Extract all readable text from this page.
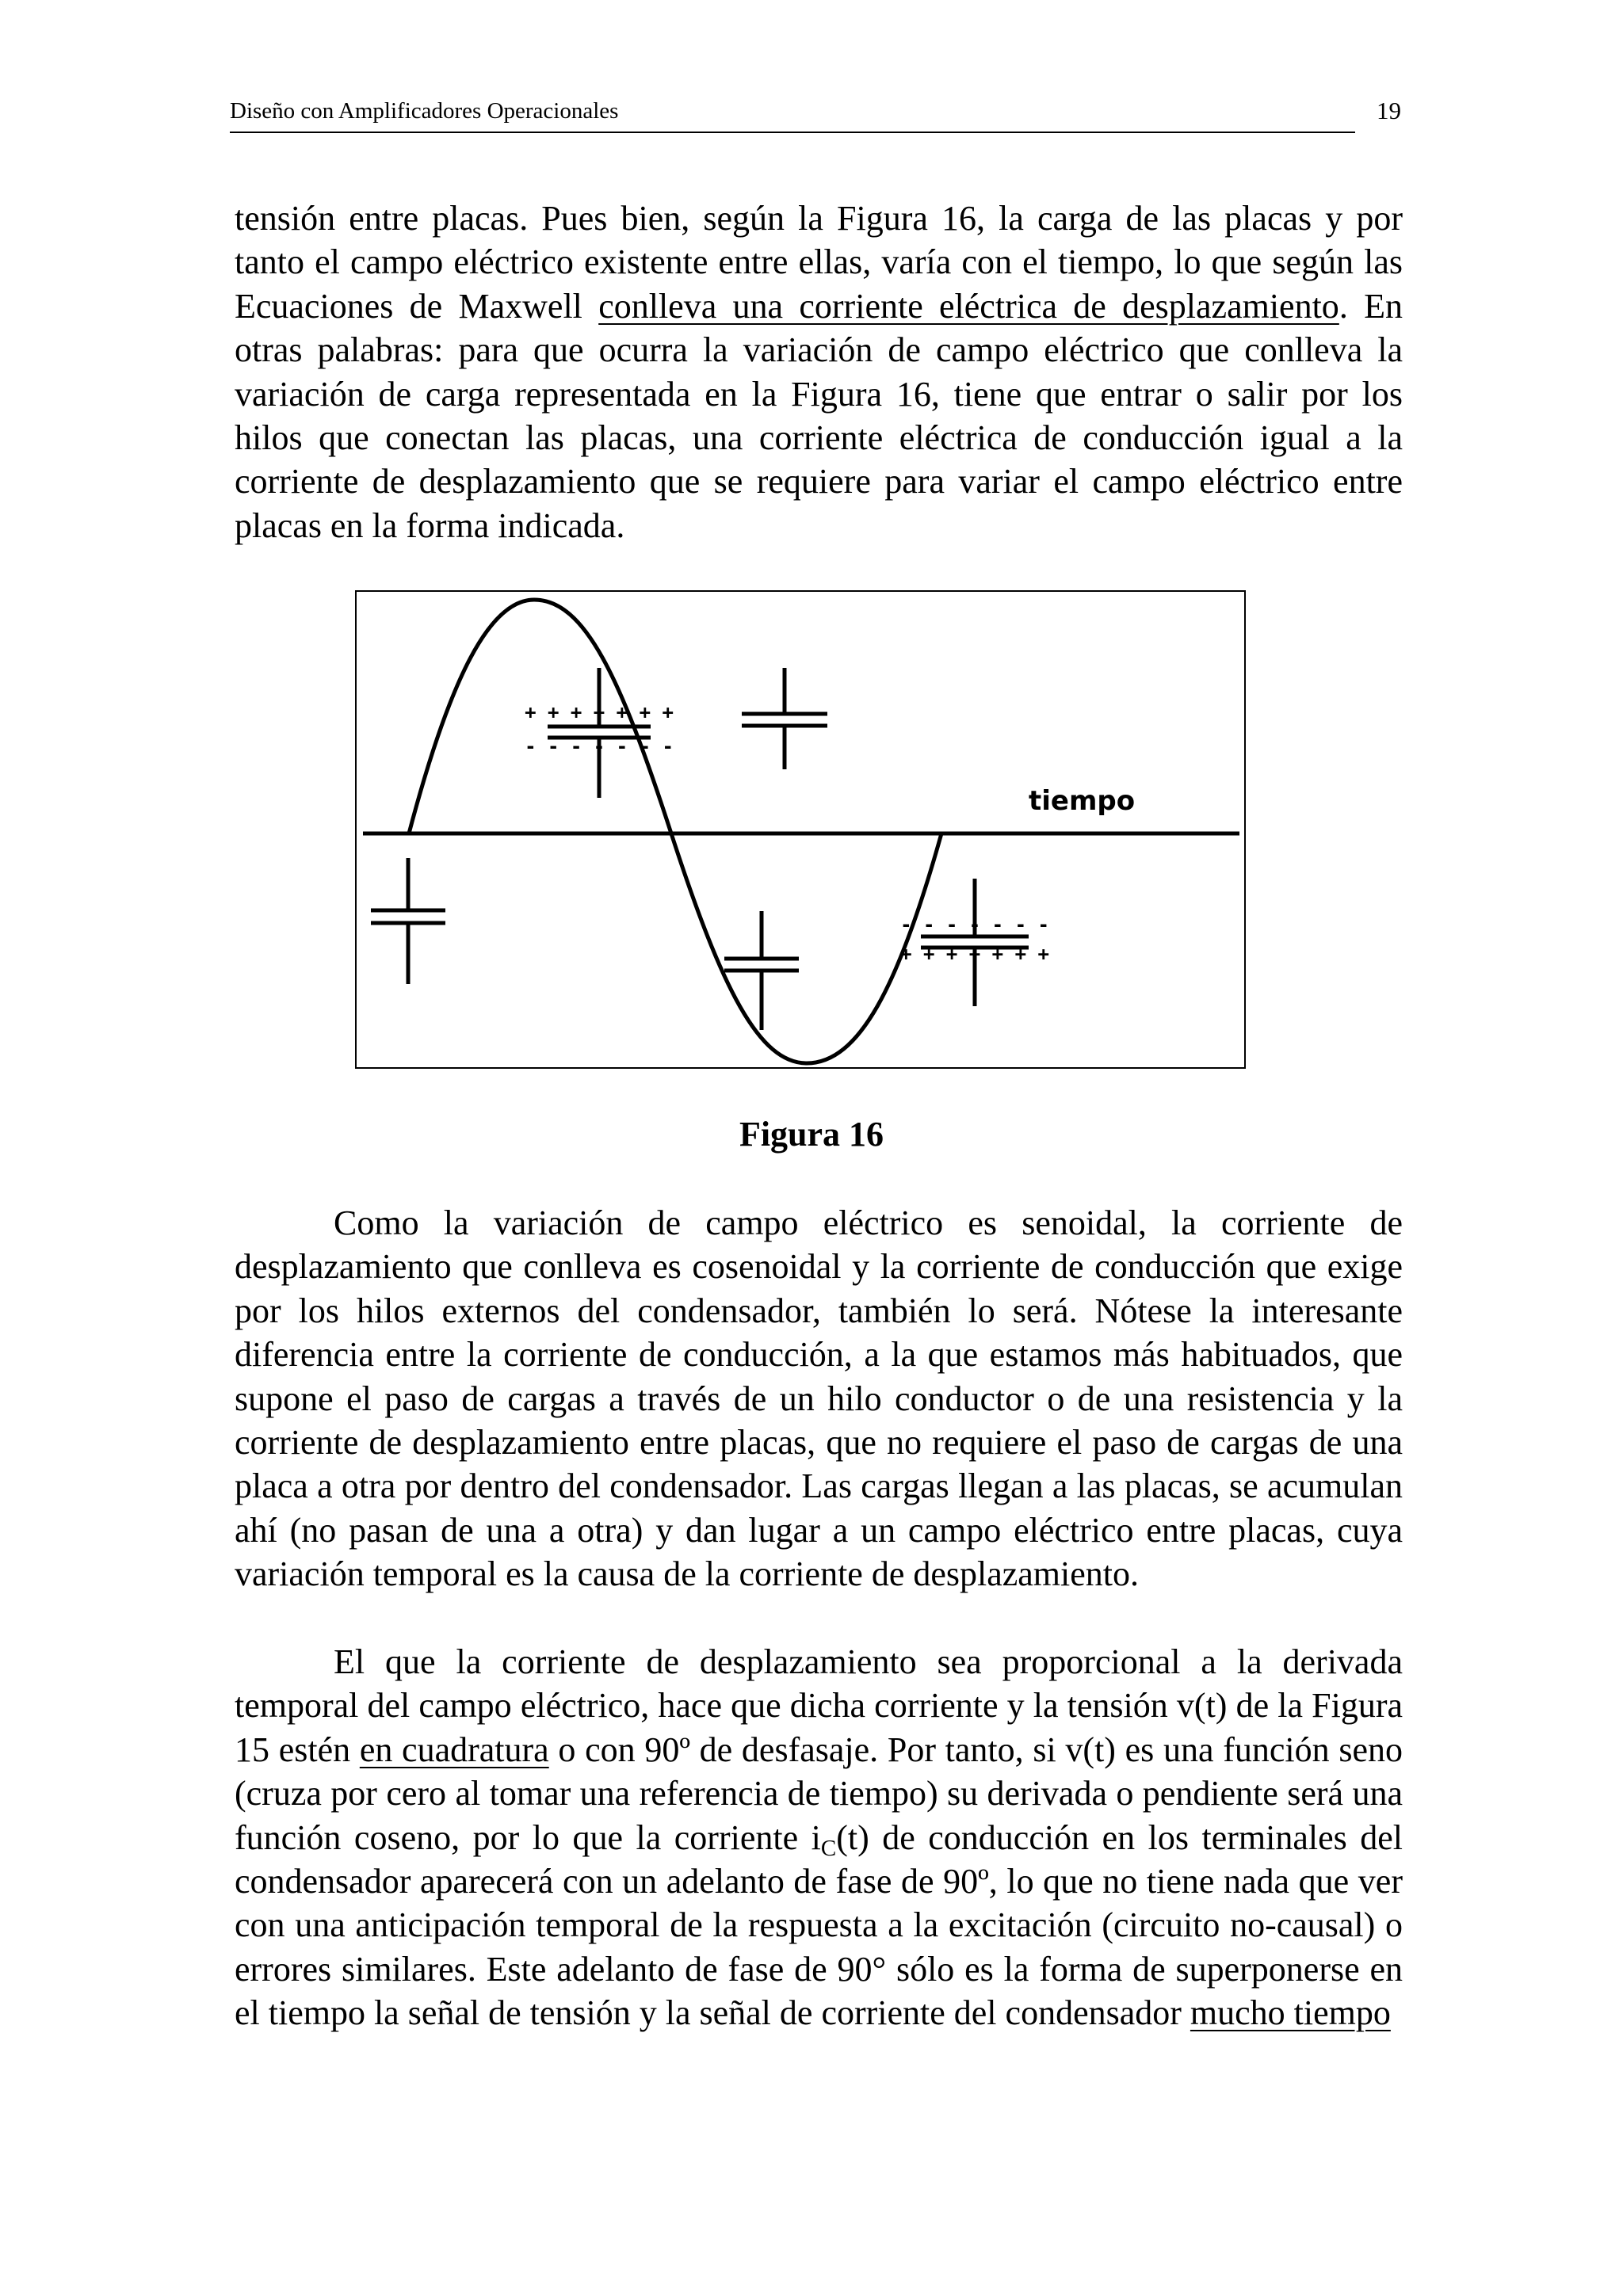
Diseño con Amplificadores Operacionales	19

tensión entre placas. Pues bien, según la Figura 16, la carga de las placas y por tanto el campo eléctrico existente entre ellas, varía con el tiempo, lo que según las Ecuaciones de Maxwell conlleva una corriente eléctrica de desplazamiento. En otras palabras: para que ocurra la variación de campo eléctrico que conlleva la variación de carga representada en la Figura 16, tiene que entrar o salir por los hilos que conectan las placas, una corriente eléctrica de conducción igual a la corriente de desplazamiento que se requiere para variar el campo eléctrico entre placas en la forma indicada.

tiempo
+ + + + + + +
- - - - - - -
- - - - - - -
+ + + + + + +
Figura 16

Como la variación de campo eléctrico es senoidal, la corriente de desplazamiento que conlleva es cosenoidal y la corriente de conducción que exige por los hilos externos del condensador, también lo será. Nótese la interesante diferencia entre la corriente de conducción, a la que estamos más habituados, que supone el paso de cargas a través de un hilo conductor o de una resistencia y la corriente de desplazamiento entre placas, que no requiere el paso de cargas de una placa a otra por dentro del condensador. Las cargas llegan a las placas, se acumulan ahí (no pasan de una a otra) y dan lugar a un campo eléctrico entre placas, cuya variación temporal es la causa de la corriente de desplazamiento.

El que la corriente de desplazamiento sea proporcional a la derivada temporal del campo eléctrico, hace que dicha corriente y la tensión v(t) de la Figura 15 estén en cuadratura o con 90º de desfasaje. Por tanto, si v(t) es una función seno (cruza por cero al tomar una referencia de tiempo) su derivada o pendiente será una función coseno, por lo que la corriente $i_C(t)$ de conducción en los terminales del condensador aparecerá con un adelanto de fase de 90º, lo que no tiene nada que ver con una anticipación temporal de la respuesta a la excitación (circuito no-causal) o errores similares. Este adelanto de fase de 90° sólo es la forma de superponerse en el tiempo la señal de tensión y la señal de corriente del condensador mucho tiempo
